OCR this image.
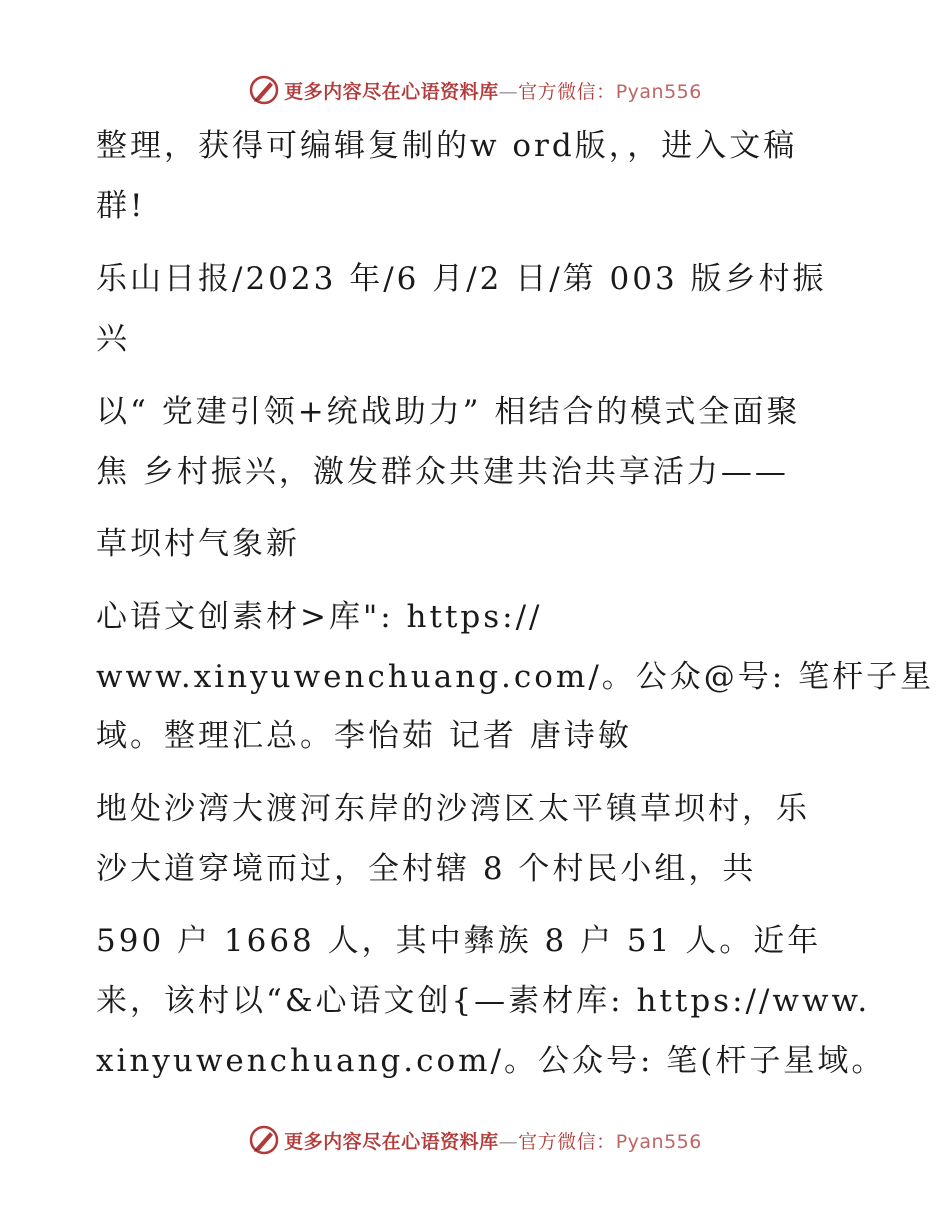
更多内容尽在心语资料库—官方微信：Pyan556
整理，获得可编辑复制的w ord版，，进入文稿
群!
乐山日报/2023 年/6 月/2 日/第 003 版乡村振
兴
以“ 党建引领+统战助力” 相结合的模式全面聚
焦 乡村振兴，激发群众共建共治共享活力——
草坝村气象新
心语文创素材>库": https://
www.xinyuwenchuang.com/。公众@号: 笔杆子星
域。整理汇总。李怡茹 记者 唐诗敏
地处沙湾大渡河东岸的沙湾区太平镇草坝村，乐
沙大道穿境而过，全村辖 8 个村民小组，共
590 户 1668 人，其中彝族 8 户 51 人。近年
来，该村以“&心语文创{—素材库: https://www.
xinyuwenchuang.com/。公众号: 笔(杆子星域。
更多内容尽在心语资料库—官方微信：Pyan556
